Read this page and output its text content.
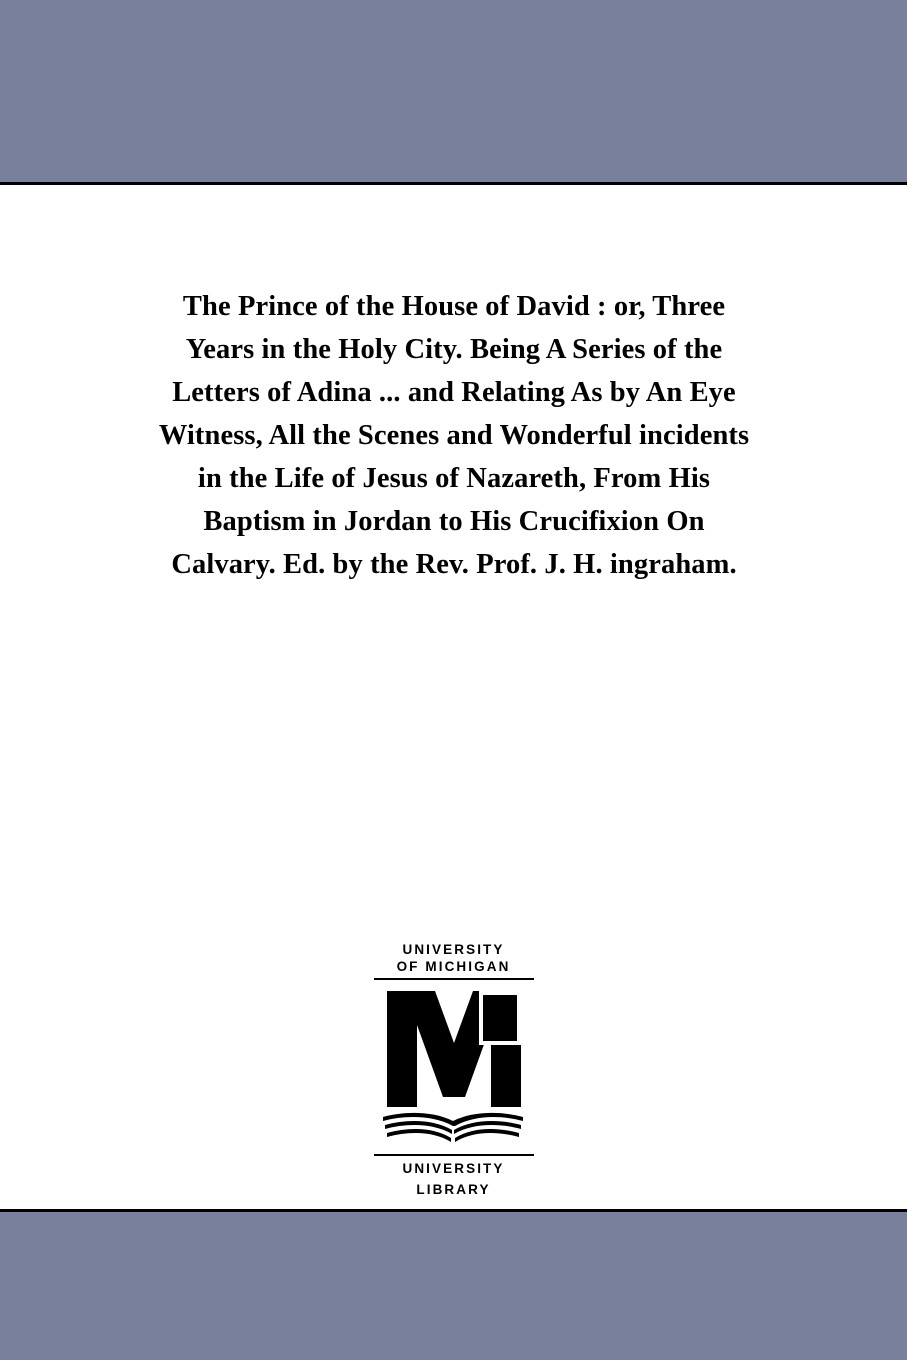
The Prince of the House of David : or, Three Years in the Holy City. Being A Series of the Letters of Adina ... and Relating As by An Eye Witness, All the Scenes and Wonderful incidents in the Life of Jesus of Nazareth, From His Baptism in Jordan to His Crucifixion On Calvary. Ed. by the Rev. Prof. J. H. ingraham.
UNIVERSITY
OF MICHIGAN
UNIVERSITY
LIBRARY
